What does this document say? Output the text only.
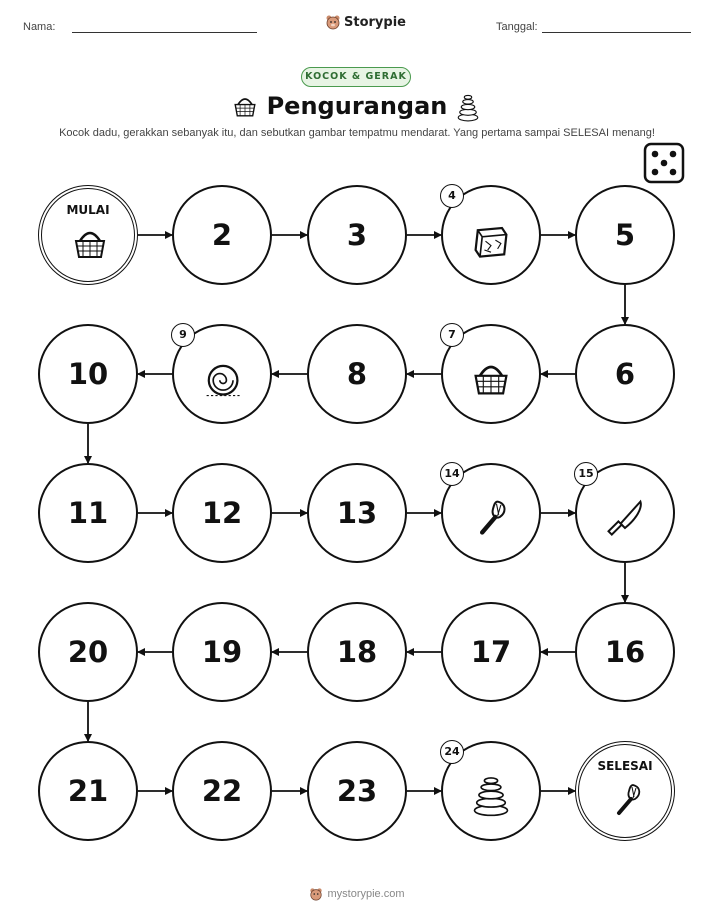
Nama:	Storypie	Tanggal:
KOCOK & GERAK
Pengurangan
Kocok dadu, gerakkan sebanyak itu, dan sebutkan gambar tempatmu mendarat. Yang pertama sampai SELESAI menang!
MULAI
2	3
4
5
6
7
8
9
10
11	12	13
14	15
16
17
18
19
20
21	22	23
24
SELESAI
mystorypie.com
